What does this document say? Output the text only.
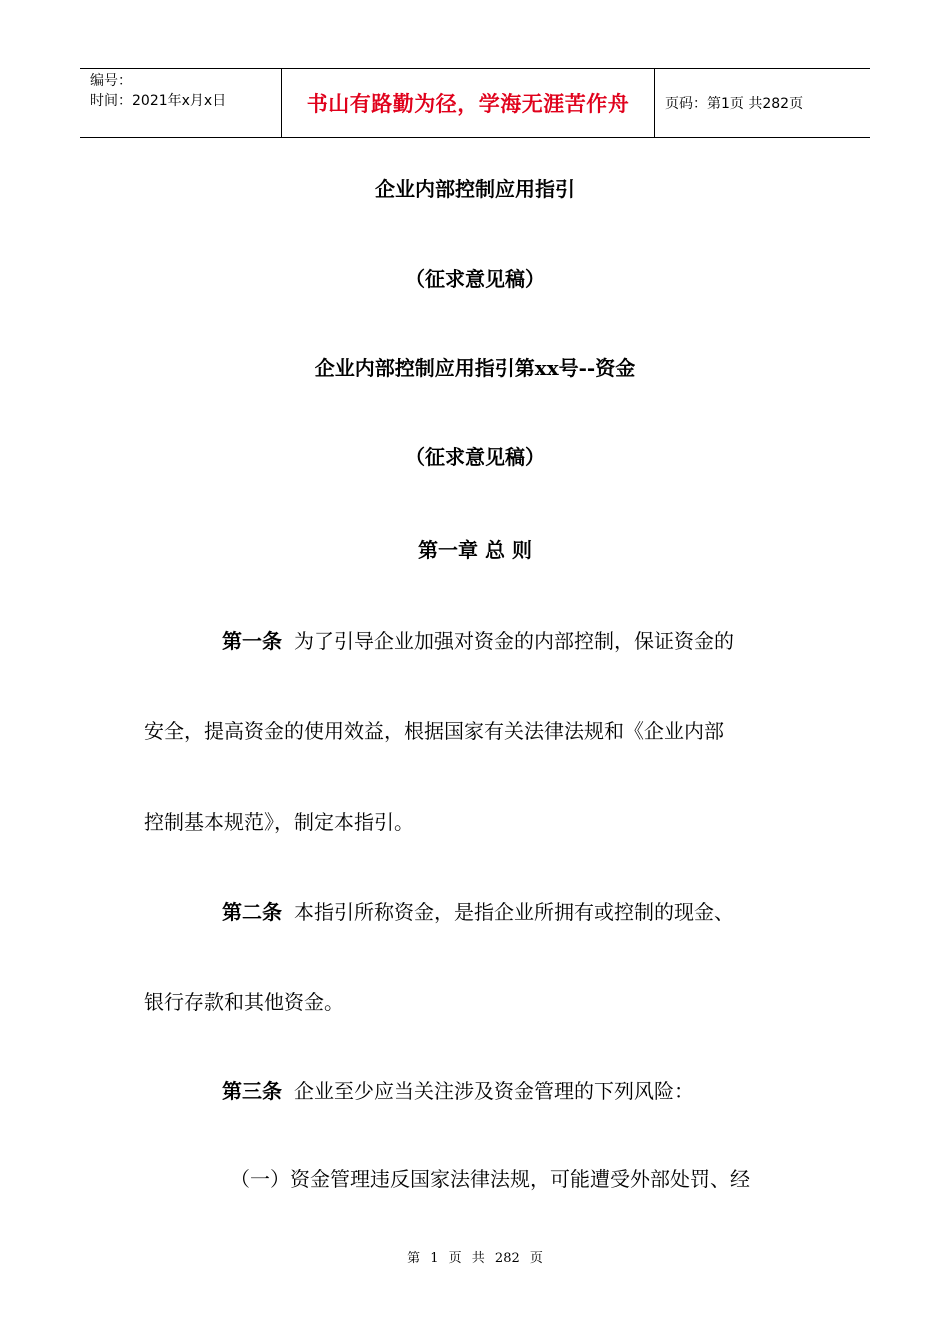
编号：
时间：2021年x月x日	书山有路勤为径，学海无涯苦作舟	页码：第1页 共282页
企业内部控制应用指引
（征求意见稿）
企业内部控制应用指引第xx号--资金
（征求意见稿）
第一章 总 则
第一条 为了引导企业加强对资金的内部控制，保证资金的
安全，提高资金的使用效益，根据国家有关法律法规和《企业内部
控制基本规范》，制定本指引。
第二条 本指引所称资金，是指企业所拥有或控制的现金、
银行存款和其他资金。
第三条 企业至少应当关注涉及资金管理的下列风险：
（一）资金管理违反国家法律法规，可能遭受外部处罚、经
第 1 页 共 282 页
